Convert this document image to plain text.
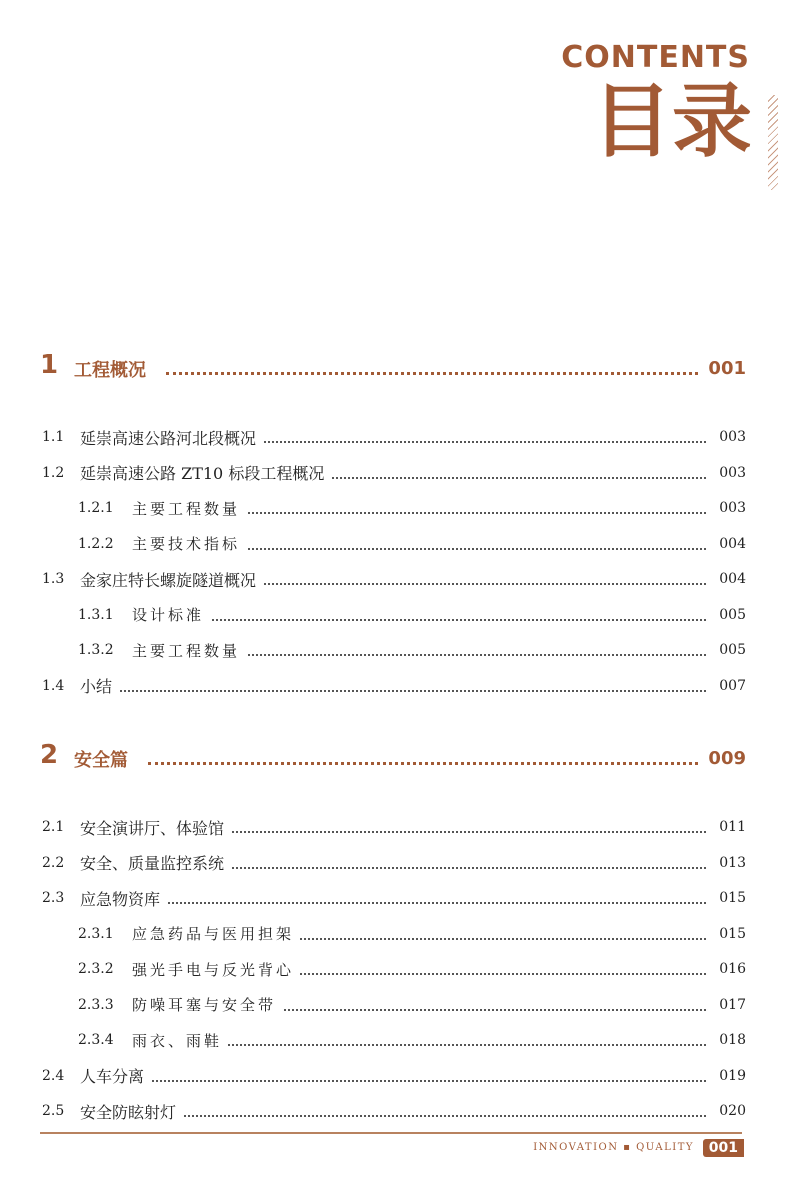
CONTENTS
目录
1 工程概况	001
1.1 延崇高速公路河北段概况	003
1.2 延崇高速公路 ZT10 标段工程概况	003
1.2.1 主要工程数量	003
1.2.2 主要技术指标	004
1.3 金家庄特长螺旋隧道概况	004
1.3.1 设计标准	005
1.3.2 主要工程数量	005
1.4 小结	007
2 安全篇	009
2.1 安全演讲厅、体验馆	011
2.2 安全、质量监控系统	013
2.3 应急物资库	015
2.3.1 应急药品与医用担架	015
2.3.2 强光手电与反光背心	016
2.3.3 防噪耳塞与安全带	017
2.3.4 雨衣、雨鞋	018
2.4 人车分离	019
2.5 安全防眩射灯	020
INNOVATION ▪ QUALITY	001
